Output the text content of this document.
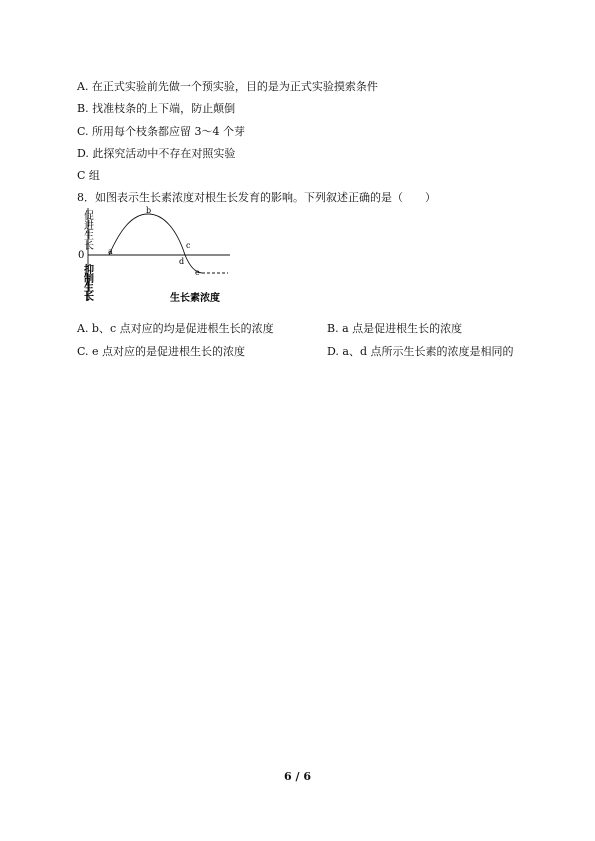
A. 在正式实验前先做一个预实验，目的是为正式实验摸索条件
B. 找准枝条的上下端，防止颠倒
C. 所用每个枝条都应留 3～4 个芽
D. 此探究活动中不存在对照实验
C 组
8．如图表示生长素浓度对根生长发育的影响。下列叙述正确的是（　　）
促
进
生
长
0
抑
制
生
长
a
b
c
d
e
生长素浓度
A. b、c 点对应的均是促进根生长的浓度	B. a 点是促进根生长的浓度
C. e 点对应的是促进根生长的浓度	D. a、d 点所示生长素的浓度是相同的
6 / 6
